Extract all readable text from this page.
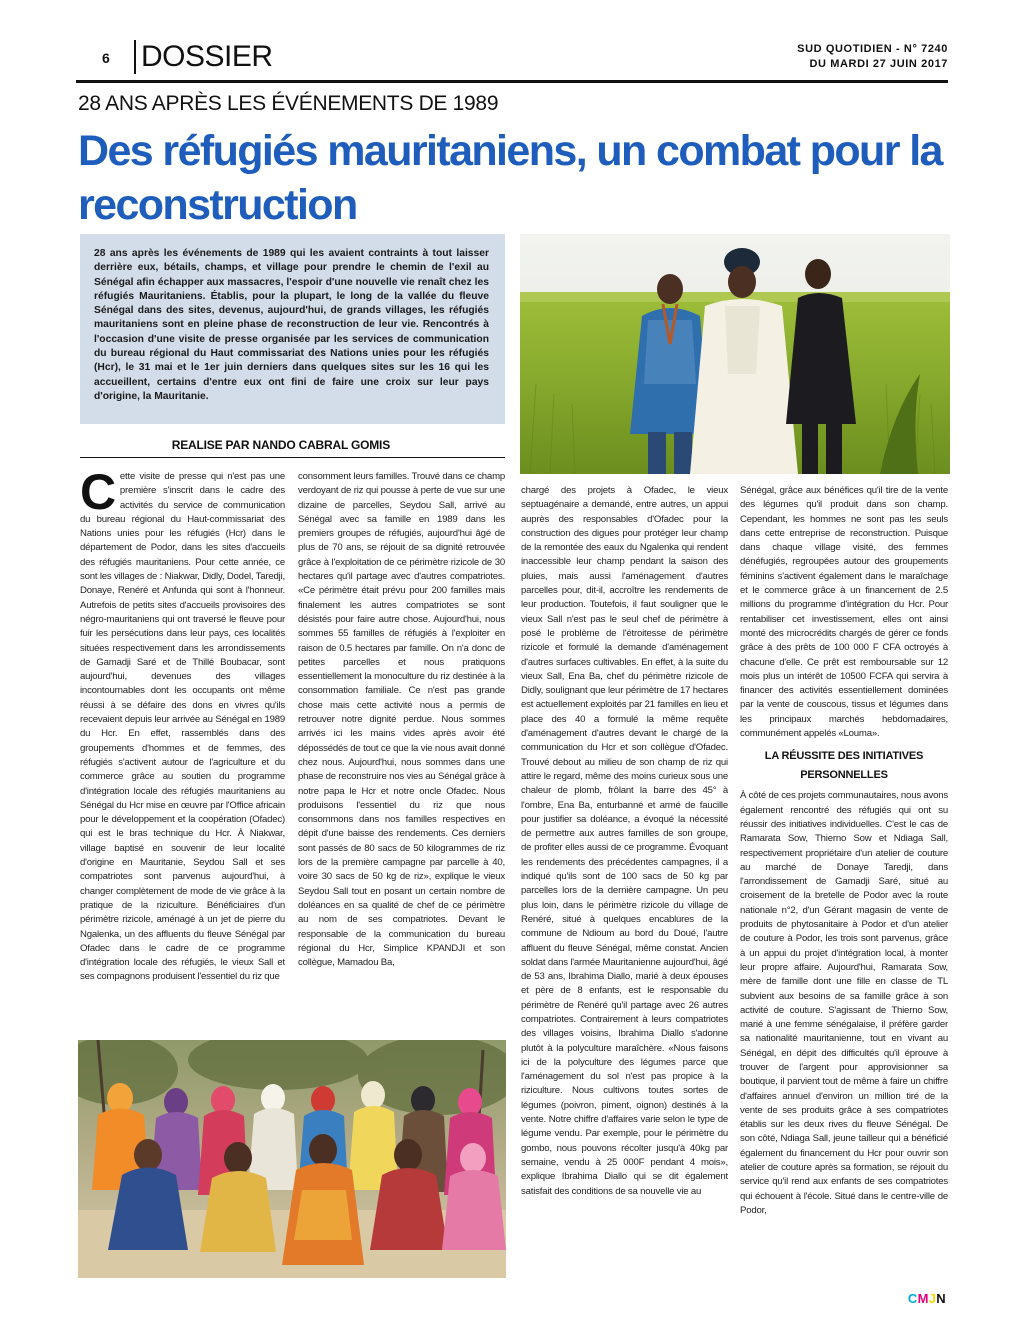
6 DOSSIER	SUD QUOTIDIEN - N° 7240
DU MARDI 27 JUIN 2017
28 ANS APRÈS LES ÉVÉNEMENTS DE 1989
Des réfugiés mauritaniens, un combat pour la reconstruction
28 ans après les événements de 1989 qui les avaient contraints à tout laisser derrière eux, bétails, champs, et village pour prendre le chemin de l'exil au Sénégal afin échapper aux massacres, l'espoir d'une nouvelle vie renaît chez les réfugiés Mauritaniens. Établis, pour la plupart, le long de la vallée du fleuve Sénégal dans des sites, devenus, aujourd'hui, de grands villages, les réfugiés mauritaniens sont en pleine phase de reconstruction de leur vie. Rencontrés à l'occasion d'une visite de presse organisée par les services de communication du bureau régional du Haut commissariat des Nations unies pour les réfugiés (Hcr), le 31 mai et le 1er juin derniers dans quelques sites sur les 16 qui les accueillent, certains d'entre eux ont fini de faire une croix sur leur pays d'origine, la Mauritanie.
REALISE PAR NANDO CABRAL GOMIS
C ette visite de presse qui n'est pas une première s'inscrit dans le cadre des activités du service de communication du bureau régional du Haut-commissariat des Nations unies pour les réfugiés (Hcr) dans le département de Podor, dans les sites d'accueils des réfugiés mauritaniens. Pour cette année, ce sont les villages de : Niakwar, Didly, Dodel, Taredji, Donaye, Renéré et Anfunda qui sont à l'honneur. Autrefois de petits sites d'accueils provisoires des négro-mauritaniens qui ont traversé le fleuve pour fuir les persécutions dans leur pays, ces localités situées respectivement dans les arrondissements de Gamadji Saré et de Thillé Boubacar, sont aujourd'hui, devenues des villages incontournables dont les occupants ont même réussi à se défaire des dons en vivres qu'ils recevaient depuis leur arrivée au Sénégal en 1989 du Hcr. En effet, rassemblés dans des groupements d'hommes et de femmes, des réfugiés s'activent autour de l'agriculture et du commerce grâce au soutien du programme d'intégration locale des réfugiés mauritaniens au Sénégal du Hcr mise en œuvre par l'Office africain pour le développement et la coopération (Ofadec) qui est le bras technique du Hcr. À Niakwar, village baptisé en souvenir de leur localité d'origine en Mauritanie, Seydou Sall et ses compatriotes sont parvenus aujourd'hui, à changer complètement de mode de vie grâce à la pratique de la riziculture. Bénéficiaires d'un périmètre rizicole, aménagé à un jet de pierre du Ngalenka, un des affluents du fleuve Sénégal par Ofadec dans le cadre de ce programme d'intégration locale des réfugiés, le vieux Sall et ses compagnons produisent l'essentiel du riz que

consomment leurs familles. Trouvé dans ce champ verdoyant de riz qui pousse à perte de vue sur une dizaine de parcelles, Seydou Sall, arrivé au Sénégal avec sa famille en 1989 dans les premiers groupes de réfugiés, aujourd'hui âgé de plus de 70 ans, se réjouit de sa dignité retrouvée grâce à l'exploitation de ce périmètre rizicole de 30 hectares qu'il partage avec d'autres compatriotes. «Ce périmètre était prévu pour 200 familles mais finalement les autres compatriotes se sont désistés pour faire autre chose. Aujourd'hui, nous sommes 55 familles de réfugiés à l'exploiter en raison de 0.5 hectares par famille. On n'a donc de petites parcelles et nous pratiquons essentiellement la monoculture du riz destinée à la consommation familiale. Ce n'est pas grande chose mais cette activité nous a permis de retrouver notre dignité perdue. Nous sommes arrivés ici les mains vides après avoir été dépossédés de tout ce que la vie nous avait donné chez nous. Aujourd'hui, nous sommes dans une phase de reconstruire nos vies au Sénégal grâce à notre papa le Hcr et notre oncle Ofadec. Nous produisons l'essentiel du riz que nous consommons dans nos familles respectives en dépit d'une baisse des rendements. Ces derniers sont passés de 80 sacs de 50 kilogrammes de riz lors de la première campagne par parcelle à 40, voire 30 sacs de 50 kg de riz», explique le vieux Seydou Sall tout en posant un certain nombre de doléances en sa qualité de chef de ce périmètre au nom de ses compatriotes. Devant le responsable de la communication du bureau régional du Hcr, Simplice KPANDJI et son collègue, Mamadou Ba,

chargé des projets à Ofadec, le vieux septuagénaire a demandé, entre autres, un appui auprès des responsables d'Ofadec pour la construction des digues pour protéger leur champ de la remontée des eaux du Ngalenka qui rendent inaccessible leur champ pendant la saison des pluies, mais aussi l'aménagement d'autres parcelles pour, dit-il, accroître les rendements de leur production. Toutefois, il faut souligner que le vieux Sall n'est pas le seul chef de périmètre à posé le problème de l'étroitesse de périmètre rizicole et formulé la demande d'aménagement d'autres surfaces cultivables. En effet, à la suite du vieux Sall, Ena Ba, chef du périmètre rizicole de Didly, soulignant que leur périmètre de 17 hectares est actuellement exploités par 21 familles en lieu et place des 40 a formulé la même requête d'aménagement d'autres devant le chargé de la communication du Hcr et son collègue d'Ofadec. Trouvé debout au milieu de son champ de riz qui attire le regard, même des moins curieux sous une chaleur de plomb, frôlant la barre des 45° à l'ombre, Ena Ba, enturbanné et armé de faucille pour justifier sa doléance, a évoqué la nécessité de permettre aux autres familles de son groupe, de profiter elles aussi de ce programme. Évoquant les rendements des précédentes campagnes, il a indiqué qu'ils sont de 100 sacs de 50 kg par parcelles lors de la dernière campagne. Un peu plus loin, dans le périmètre rizicole du village de Renéré, situé à quelques encablures de la commune de Ndioum au bord du Doué, l'autre affluent du fleuve Sénégal, même constat. Ancien soldat dans l'armée Mauritanienne aujourd'hui, âgé de 53 ans, Ibrahima Diallo, marié à deux épouses et père de 8 enfants, est le responsable du périmètre de Renéré qu'il partage avec 26 autres compatriotes. Contrairement à leurs compatriotes des villages voisins, Ibrahima Diallo s'adonne plutôt à la polyculture maraîchère. «Nous faisons ici de la polyculture des légumes parce que l'aménagement du sol n'est pas propice à la riziculture. Nous cultivons toutes sortes de légumes (poivron, piment, oignon) destinés à la vente. Notre chiffre d'affaires varie selon le type de légume vendu. Par exemple, pour le périmètre du gombo, nous pouvons récolter jusqu'à 40kg par semaine, vendu à 25 000F pendant 4 mois», explique Ibrahima Diallo qui se dit également satisfait des conditions de sa nouvelle vie au

Sénégal, grâce aux bénéfices qu'il tire de la vente des légumes qu'il produit dans son champ. Cependant, les hommes ne sont pas les seuls dans cette entreprise de reconstruction. Puisque dans chaque village visité, des femmes dénéfugiés, regroupées autour des groupements féminins s'activent également dans le maraîchage et le commerce grâce à un financement de 2.5 millions du programme d'intégration du Hcr. Pour rentabiliser cet investissement, elles ont ainsi monté des microcrédits chargés de gérer ce fonds grâce à des prêts de 100 000 F CFA octroyés à chacune d'elle. Ce prêt est remboursable sur 12 mois plus un intérêt de 10500 FCFA qui servira à financer des activités essentiellement dominées par la vente de couscous, tissus et légumes dans les principaux marchés hebdomadaires, communément appelés «Louma».

LA RÉUSSITE DES INITIATIVES PERSONNELLES

À côté de ces projets communautaires, nous avons également rencontré des réfugiés qui ont su réussir des initiatives individuelles. C'est le cas de Ramarata Sow, Thierno Sow et Ndiaga Sall, respectivement propriétaire d'un atelier de couture au marché de Donaye Taredji, dans l'arrondissement de Gamadji Saré, situé au croisement de la bretelle de Podor avec la route nationale n°2, d'un Gérant magasin de vente de produits de phytosanitaire à Podor et d'un atelier de couture à Podor, les trois sont parvenus, grâce à un appui du projet d'intégration local, à monter leur propre affaire. Aujourd'hui, Ramarata Sow, mère de famille dont une fille en classe de TL subvient aux besoins de sa famille grâce à son activité de couture. S'agissant de Thierno Sow, marié à une femme sénégalaise, il préfère garder sa nationalité mauritanienne, tout en vivant au Sénégal, en dépit des difficultés qu'il éprouve à trouver de l'argent pour approvisionner sa boutique, il parvient tout de même à faire un chiffre d'affaires annuel d'environ un million tiré de la vente de ses produits grâce à ses compatriotes établis sur les deux rives du fleuve Sénégal. De son côté, Ndiaga Sall, jeune tailleur qui a bénéficié également du financement du Hcr pour ouvrir son atelier de couture après sa formation, se réjouit du service qu'il rend aux enfants de ses compatriotes qui échouent à l'école. Situé dans le centre-ville de Podor,

CMJN
